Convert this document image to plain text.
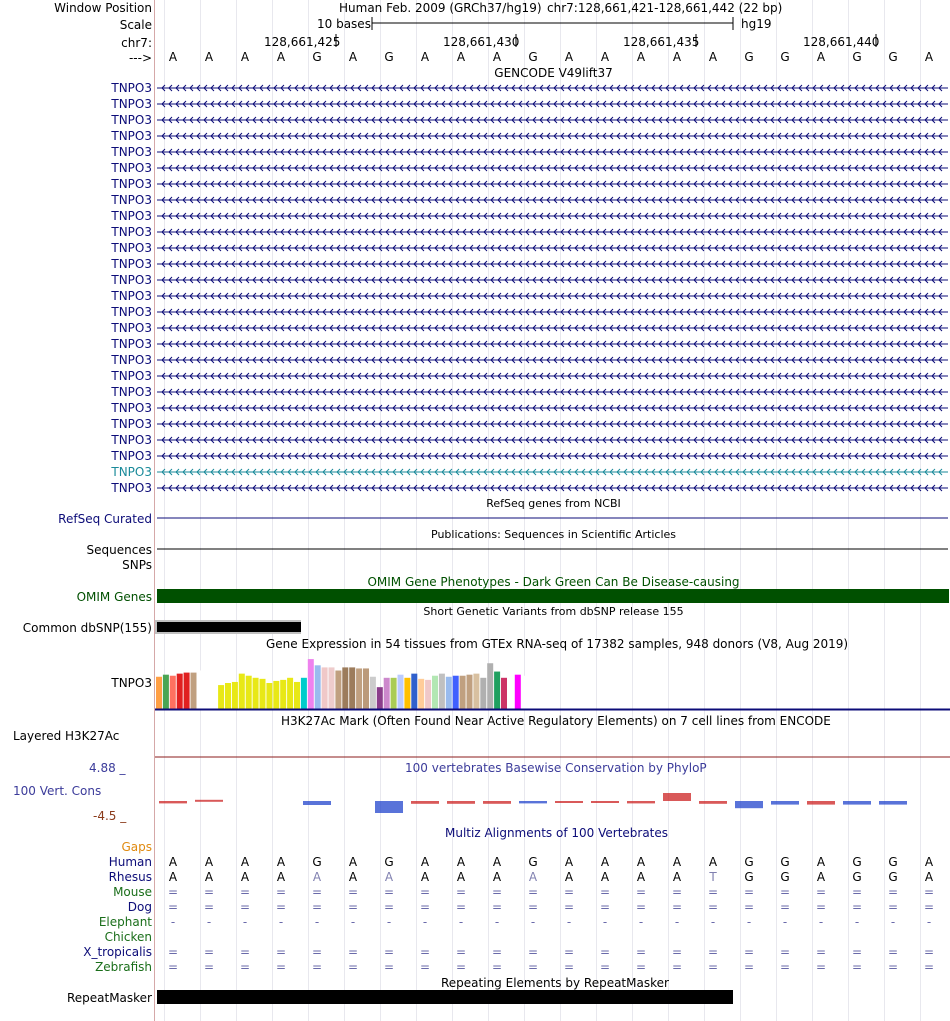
Window Position	Human Feb. 2009 (GRCh37/hg19) chr7:128,661,421-128,661,442 (22 bp)
Scale	10 bases	hg19
chr7:	128,661,425	128,661,430	128,661,435	128,661,440
--->	A	A	A	A	G	A	G	A	A	A	G	A	A	A	A	A	G	G	A	G	G	A
GENCODE V49lift37
TNPO3
TNPO3
TNPO3
TNPO3
TNPO3
TNPO3
TNPO3
TNPO3
TNPO3
TNPO3
TNPO3
TNPO3
TNPO3
TNPO3
TNPO3
TNPO3
TNPO3
TNPO3
TNPO3
TNPO3
TNPO3
TNPO3
TNPO3
TNPO3
TNPO3
TNPO3
RefSeq genes from NCBI
RefSeq Curated
Publications: Sequences in Scientific Articles
Sequences
SNPs
OMIM Gene Phenotypes - Dark Green Can Be Disease-causing
OMIM Genes
Short Genetic Variants from dbSNP release 155
Common dbSNP(155)
Gene Expression in 54 tissues from GTEx RNA-seq of 17382 samples, 948 donors (V8, Aug 2019)
TNPO3
H3K27Ac Mark (Often Found Near Active Regulatory Elements) on 7 cell lines from ENCODE
Layered H3K27Ac
4.88 _	100 vertebrates Basewise Conservation by PhyloP
100 Vert. Cons
-4.5 _
Multiz Alignments of 100 Vertebrates
Gaps
Human	A	A	A	A	G	A	G	A	A	A	G	A	A	A	A	A	G	G	A	G	G	A
Rhesus	A	A	A	A	A	A	A	A	A	A	A	A	A	A	A	T	G	G	A	G	G	A
Mouse	=	=	=	=	=	=	=	=	=	=	=	=	=	=	=	=	=	=	=	=	=	=
Dog	=	=	=	=	=	=	=	=	=	=	=	=	=	=	=	=	=	=	=	=	=	=
Elephant	-	-	-	-	-	-	-	-	-	-	-	-	-	-	-	-	-	-	-	-	-	-
Chicken
X_tropicalis	=	=	=	=	=	=	=	=	=	=	=	=	=	=	=	=	=	=	=	=	=	=
Zebrafish	=	=	=	=	=	=	=	=	=	=	=	=	=	=	=	=	=	=	=	=	=	=
Repeating Elements by RepeatMasker
RepeatMasker
